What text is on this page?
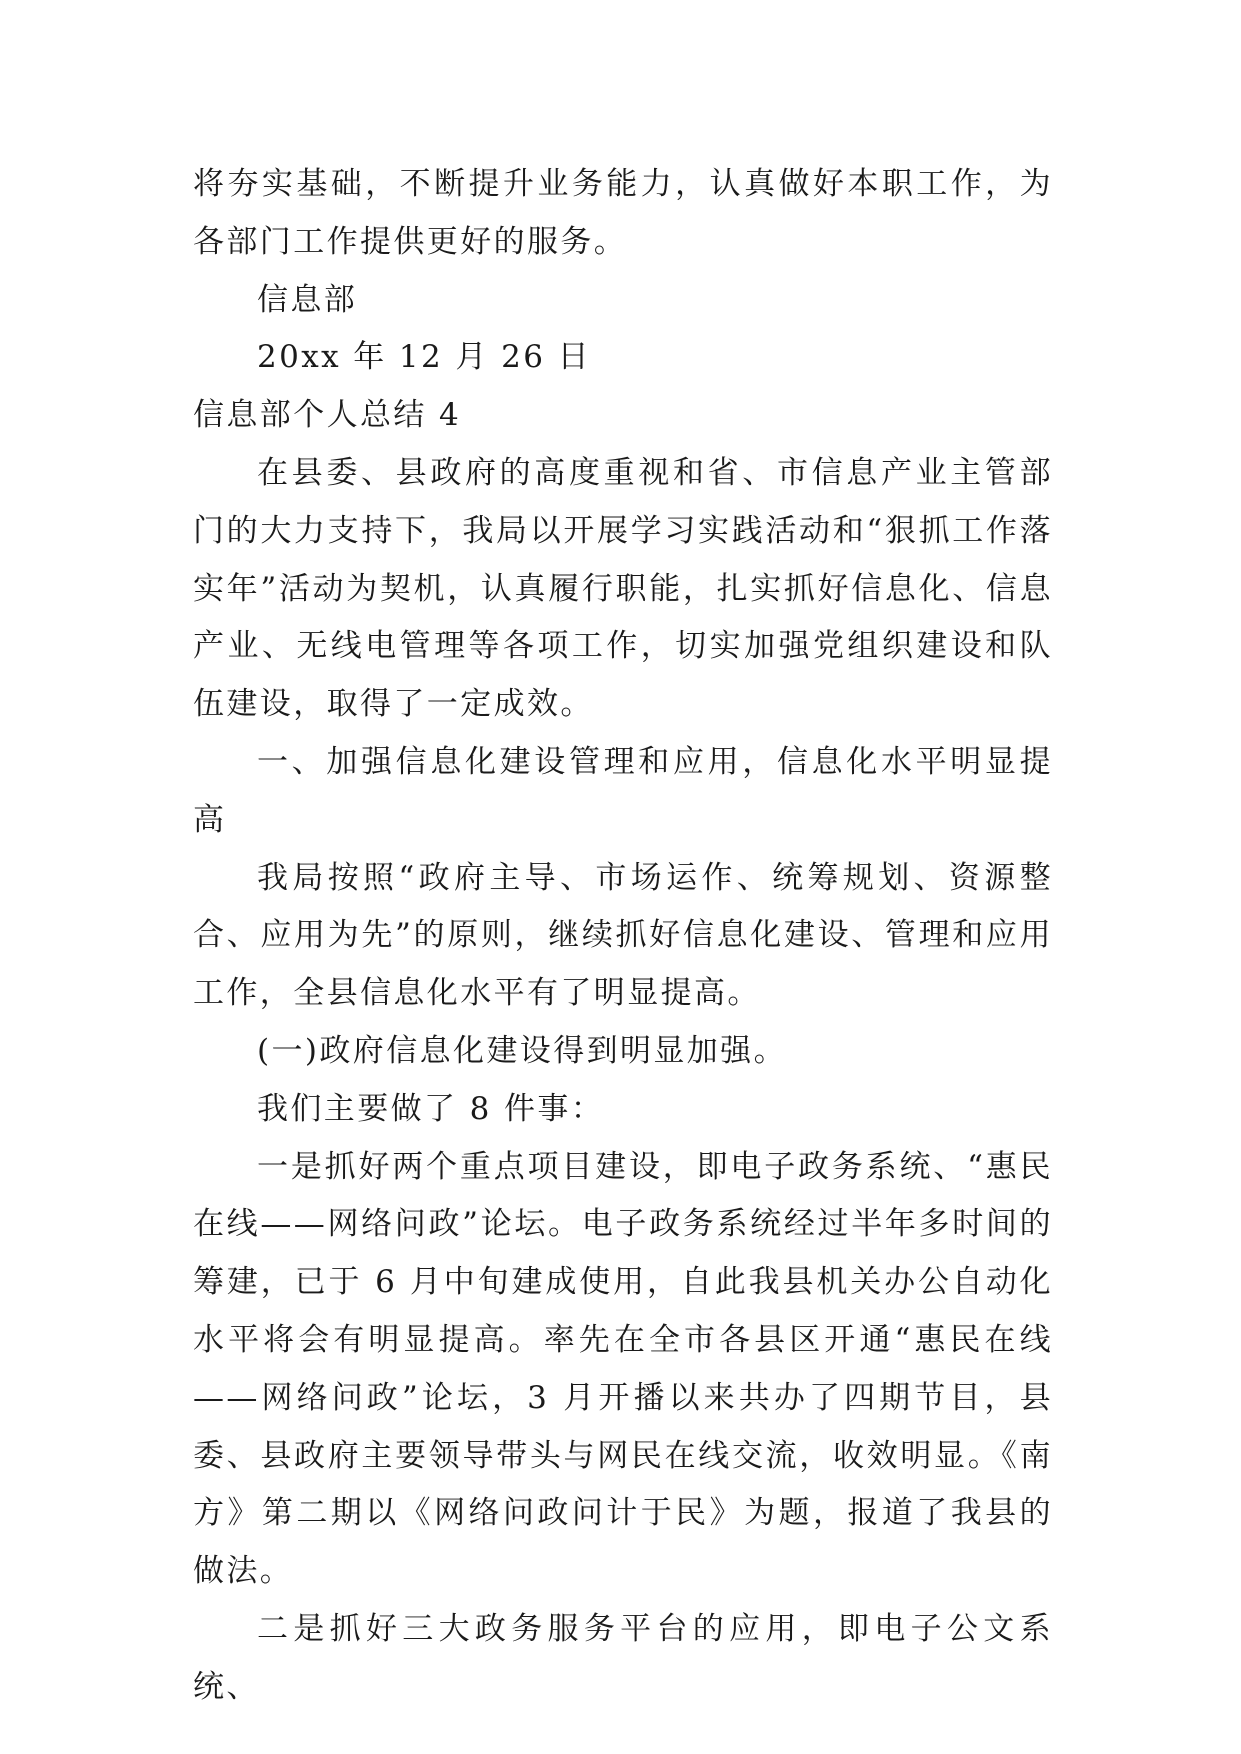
将夯实基础，不断提升业务能力，认真做好本职工作，为各部门工作提供更好的服务。

信息部

20xx 年 12 月 26 日

信息部个人总结 4

在县委、县政府的高度重视和省、市信息产业主管部门的大力支持下，我局以开展学习实践活动和“狠抓工作落实年”活动为契机，认真履行职能，扎实抓好信息化、信息产业、无线电管理等各项工作，切实加强党组织建设和队伍建设，取得了一定成效。

一、加强信息化建设管理和应用，信息化水平明显提高

我局按照“政府主导、市场运作、统筹规划、资源整合、应用为先”的原则，继续抓好信息化建设、管理和应用工作，全县信息化水平有了明显提高。

(一)政府信息化建设得到明显加强。

我们主要做了 8 件事：

一是抓好两个重点项目建设，即电子政务系统、“惠民在线——网络问政”论坛。电子政务系统经过半年多时间的筹建，已于 6 月中旬建成使用，自此我县机关办公自动化水平将会有明显提高。率先在全市各县区开通“惠民在线——网络问政”论坛，3 月开播以来共办了四期节目，县委、县政府主要领导带头与网民在线交流，收效明显。《南方》第二期以《网络问政问计于民》为题，报道了我县的做法。

二是抓好三大政务服务平台的应用，即电子公文系统、
